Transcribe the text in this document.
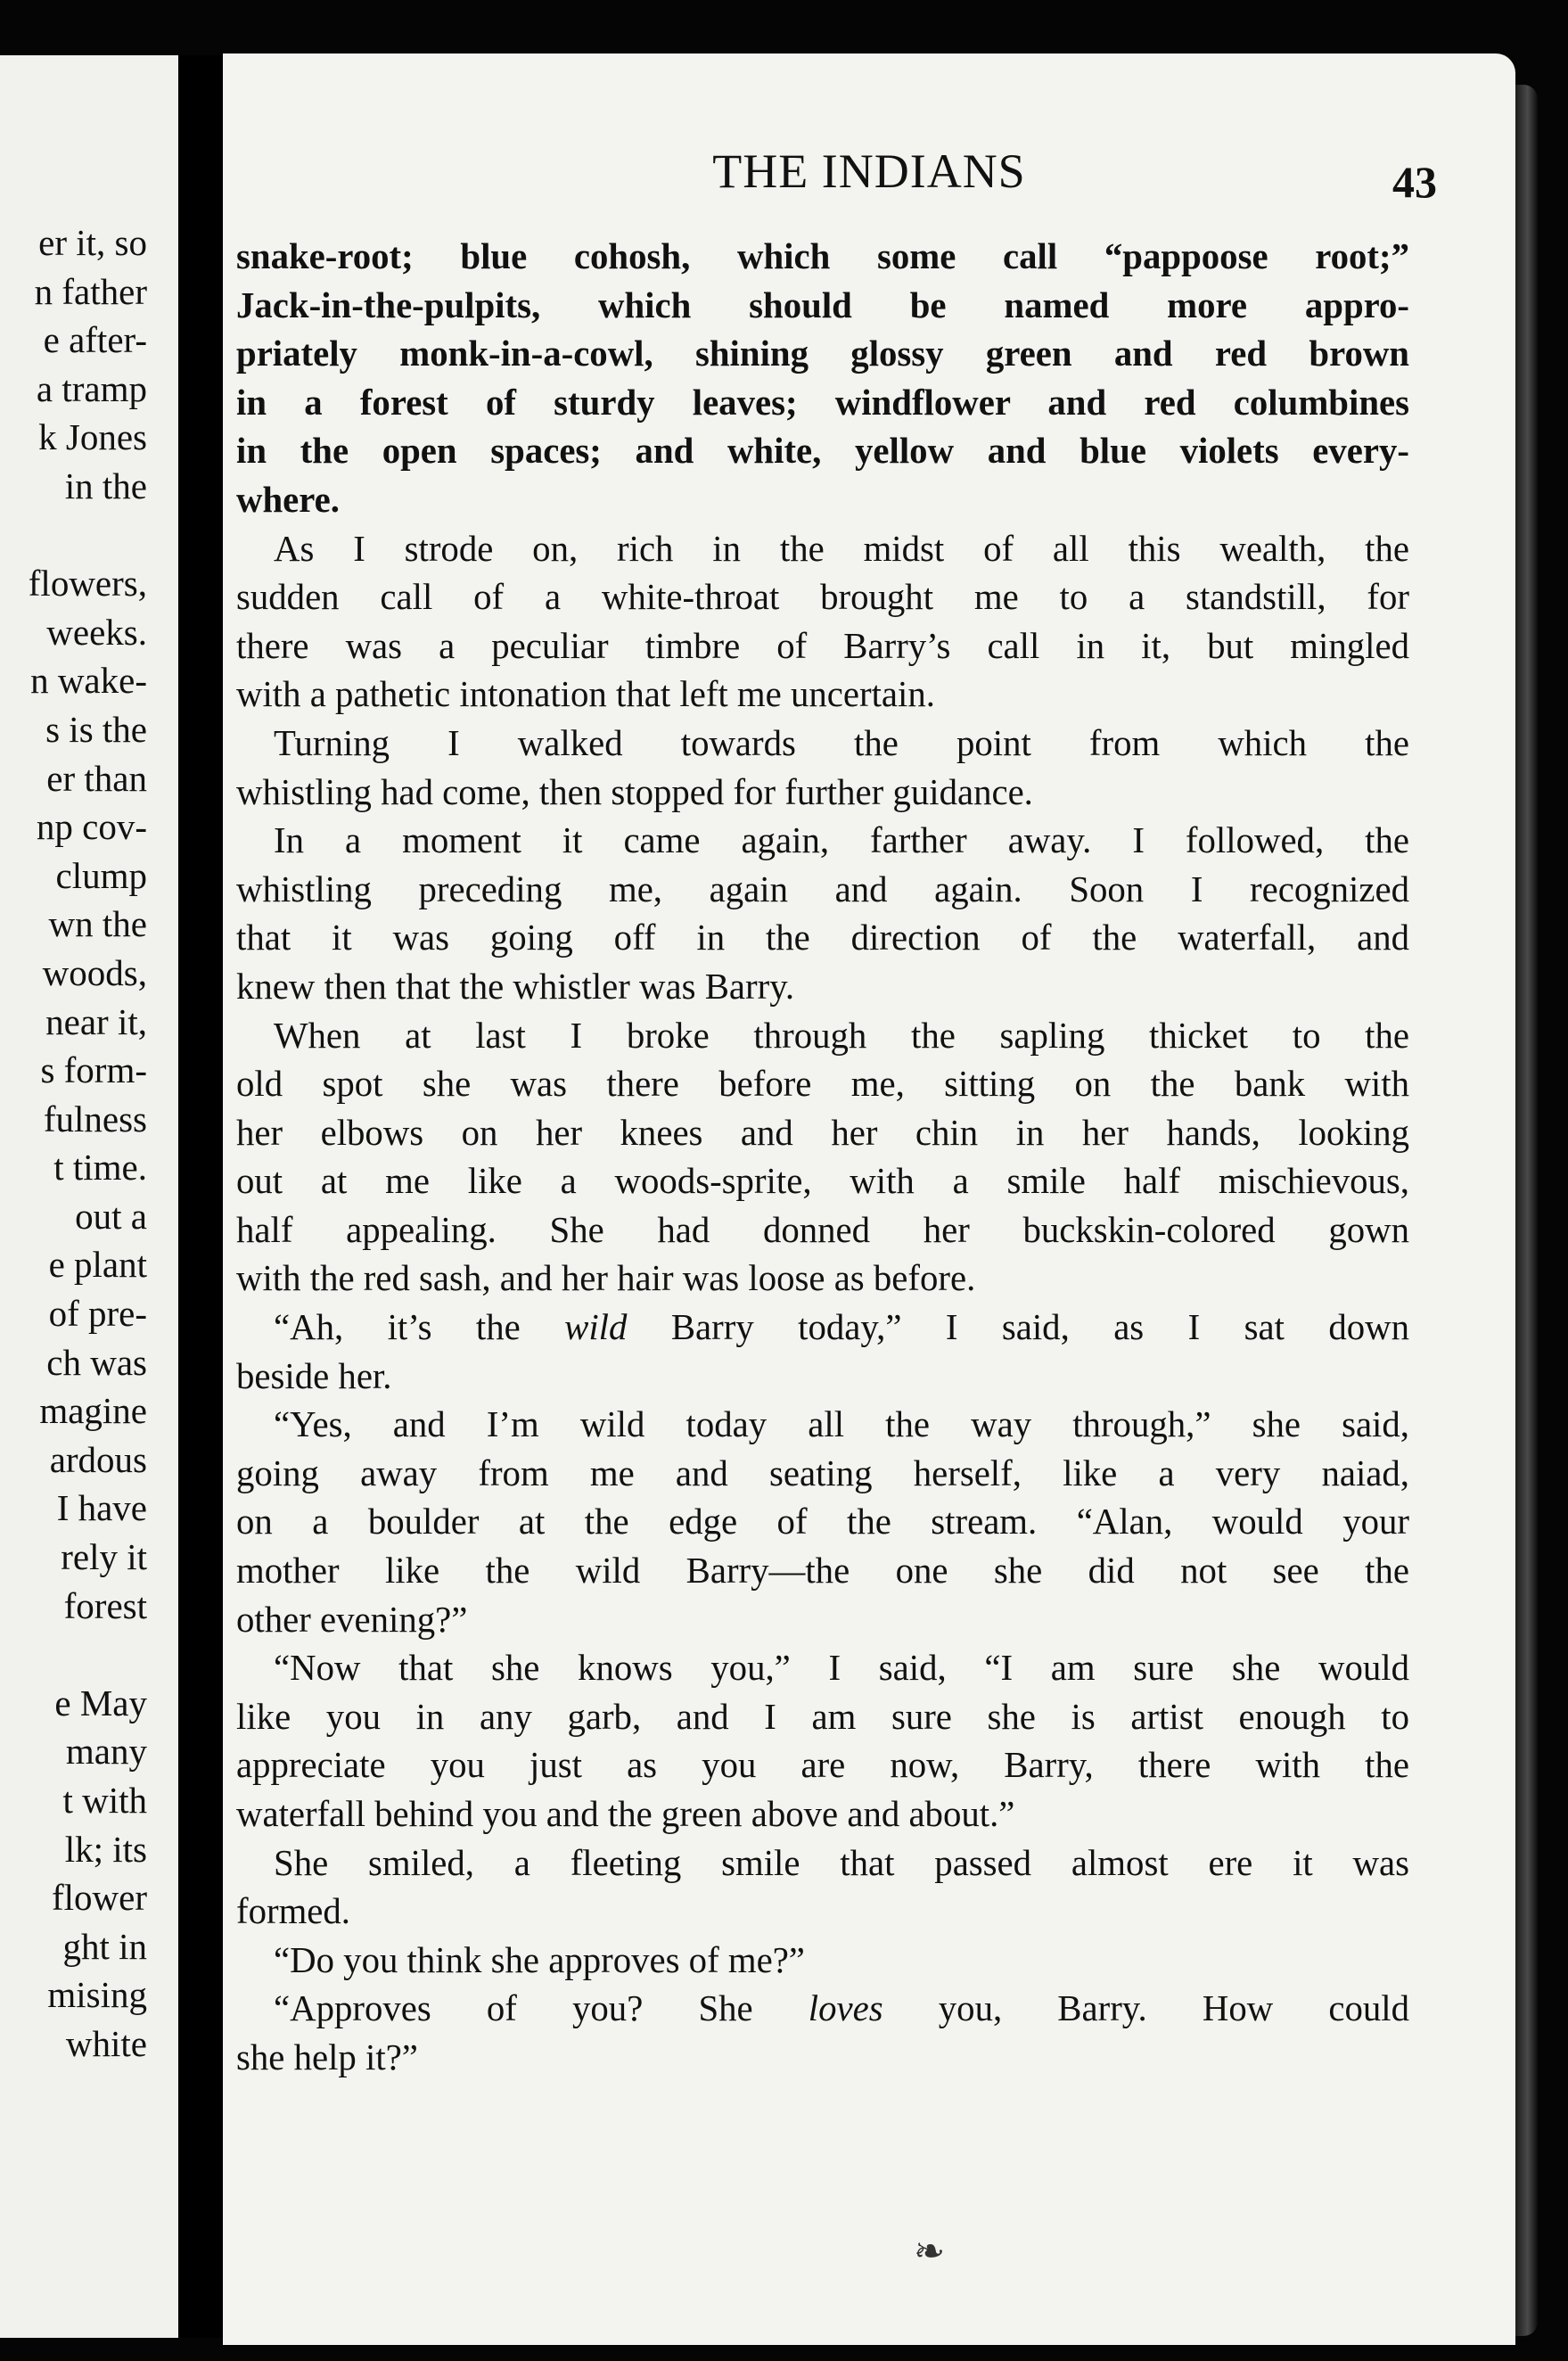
er it, so
n father
e after-
a tramp
k Jones
in the
flowers,
weeks.
n wake-
s is the
er than
np cov-
clump
wn the
woods,
near it,
s form-
fulness
t time.
out a
e plant
of pre-
ch was
magine
ardous
I have
rely it
forest
e May
many
t with
lk; its
flower
ght in
mising
white
THE INDIANS	43
snake-root; blue cohosh, which some call “pappoose root;”
Jack-in-the-pulpits, which should be named more appro-
priately monk-in-a-cowl, shining glossy green and red brown
in a forest of sturdy leaves; windflower and red columbines
in the open spaces; and white, yellow and blue violets every-
where.
As I strode on, rich in the midst of all this wealth, the
sudden call of a white-throat brought me to a standstill, for
there was a peculiar timbre of Barry’s call in it, but mingled
with a pathetic intonation that left me uncertain.
Turning I walked towards the point from which the
whistling had come, then stopped for further guidance.
In a moment it came again, farther away. I followed, the
whistling preceding me, again and again. Soon I recognized
that it was going off in the direction of the waterfall, and
knew then that the whistler was Barry.
When at last I broke through the sapling thicket to the
old spot she was there before me, sitting on the bank with
her elbows on her knees and her chin in her hands, looking
out at me like a woods-sprite, with a smile half mischievous,
half appealing. She had donned her buckskin-colored gown
with the red sash, and her hair was loose as before.
“Ah, it’s the wild Barry today,” I said, as I sat down
beside her.
“Yes, and I’m wild today all the way through,” she said,
going away from me and seating herself, like a very naiad,
on a boulder at the edge of the stream. “Alan, would your
mother like the wild Barry—the one she did not see the
other evening?”
“Now that she knows you,” I said, “I am sure she would
like you in any garb, and I am sure she is artist enough to
appreciate you just as you are now, Barry, there with the
waterfall behind you and the green above and about.”
She smiled, a fleeting smile that passed almost ere it was
formed.
“Do you think she approves of me?”
“Approves of you? She loves you, Barry. How could
she help it?”
❧
